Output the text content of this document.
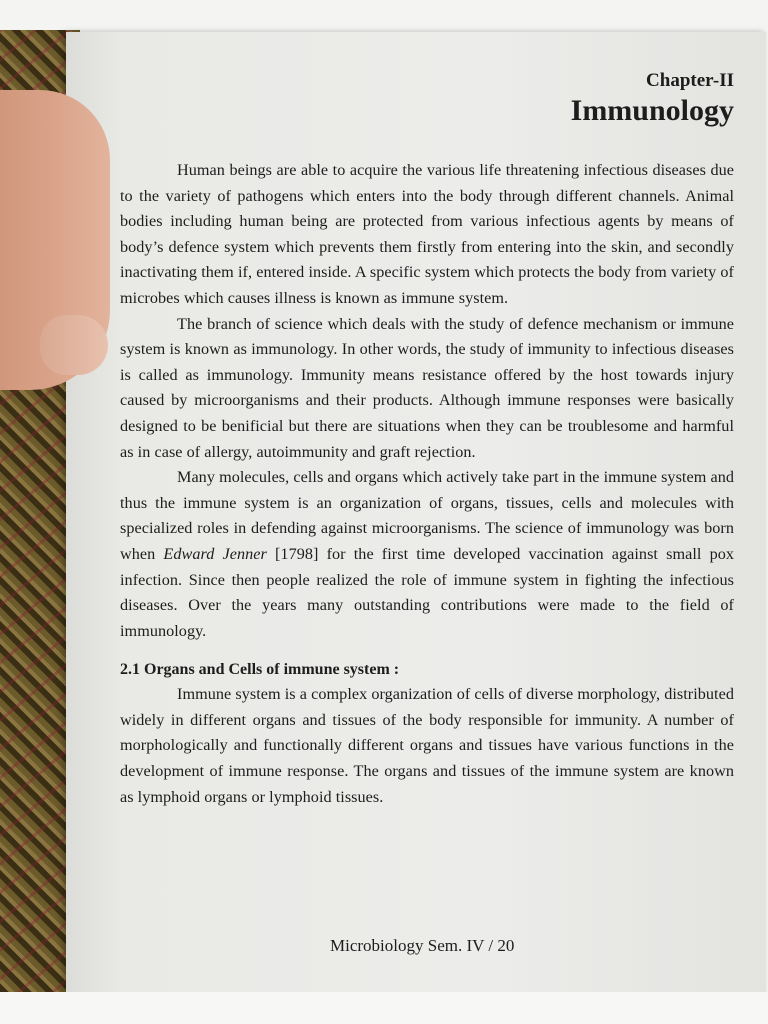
Chapter-II

Immunology

Human beings are able to acquire the various life threatening infectious diseases due to the variety of pathogens which enters into the body through different channels. Animal bodies including human being are protected from various infectious agents by means of body’s defence system which prevents them firstly from entering into the skin, and secondly inactivating them if, entered inside. A specific system which protects the body from variety of microbes which causes illness is known as immune system.

The branch of science which deals with the study of defence mechanism or immune system is known as immunology. In other words, the study of immunity to infectious diseases is called as immunology. Immunity means resistance offered by the host towards injury caused by microorganisms and their products. Although immune responses were basically designed to be benificial but there are situations when they can be troublesome and harmful as in case of allergy, autoimmunity and graft rejection.

Many molecules, cells and organs which actively take part in the immune system and thus the immune system is an organization of organs, tissues, cells and molecules with specialized roles in defending against microorganisms. The science of immunology was born when Edward Jenner [1798] for the first time developed vaccination against small pox infection. Since then people realized the role of immune system in fighting the infectious diseases. Over the years many outstanding contributions were made to the field of immunology.

2.1 Organs and Cells of immune system :

Immune system is a complex organization of cells of diverse morphology, distributed widely in different organs and tissues of the body responsible for immunity. A number of morphologically and functionally different organs and tissues have various functions in the development of immune response. The organs and tissues of the immune system are known as lymphoid organs or lymphoid tissues.

Microbiology Sem. IV / 20
